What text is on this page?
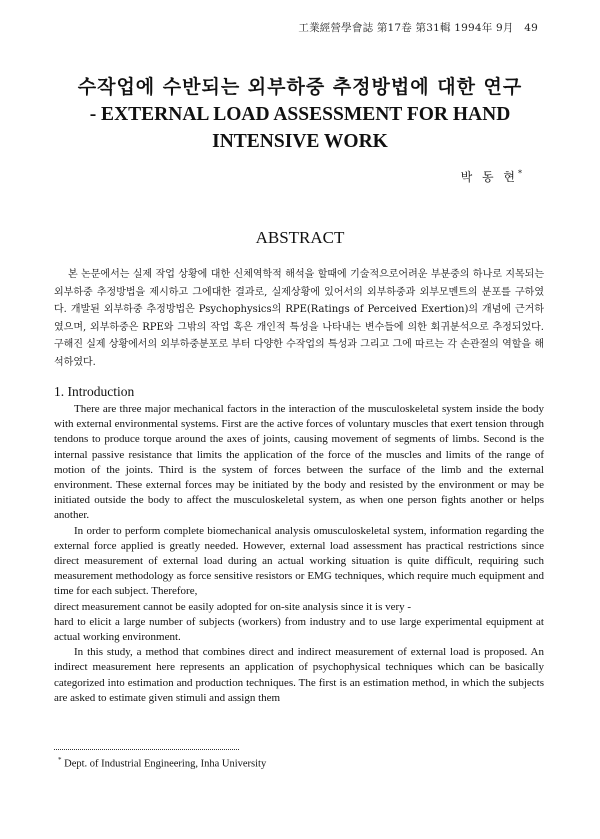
工業經營學會誌 第17卷 第31輯 1994年 9月 49
수작업에 수반되는 외부하중 추정방법에 대한 연구
- EXTERNAL LOAD ASSESSMENT FOR HAND INTENSIVE WORK
박 동 현*
ABSTRACT
본 논문에서는 실제 작업 상황에 대한 신체역학적 해석을 할때에 기술적으로어려운 부분중의 하나로 지목되는 외부하중 추정방법을 제시하고 그에대한 결과로, 실제상황에 있어서의 외부하중과 외부모멘트의 분포를 구하였다. 개발된 외부하중 추정방법은 Psychophysics의 RPE(Ratings of Perceived Exertion)의 개념에 근거하였으며, 외부하중은 RPE와 그밖의 작업 혹은 개인적 특성을 나타내는 변수들에 의한 회귀분석으로 추정되었다. 구해진 실제 상황에서의 외부하중분포로 부터 다양한 수작업의 특성과 그리고 그에 따르는 각 손관절의 역할을 해석하였다.
1. Introduction

There are three major mechanical factors in the interaction of the musculoskeletal system inside the body with external environmental systems. First are the active forces of voluntary muscles that exert tension through tendons to produce torque around the axes of joints, causing movement of segments of limbs. Second is the internal passive resistance that limits the application of the force of the muscles and limits of the range of motion of the joints. Third is the system of forces between the surface of the limb and the external environment. These external forces may be initiated by the body and resisted by the environment or may be initiated outside the body to affect the musculoskeletal system, as when one person fights another or helps another.

In order to perform complete biomechanical analysis omusculoskeletal system, information regarding the external force applied is greatly needed. However, external load assessment has practical restrictions since direct measurement of external load during an actual working situation is quite difficult, requiring such measurement methodology as force sensitive resistors or EMG techniques, which require much equipment and time for each subject. Therefore,

direct measurement cannot be easily adopted for on-site analysis since it is very -

hard to elicit a large number of subjects (workers) from industry and to use large experimental equipment at actual working environment.

In this study, a method that combines direct and indirect measurement of external load is proposed. An indirect measurement here represents an application of psychophysical techniques which can be basically categorized into estimation and production techniques. The first is an estimation method, in which the subjects are asked to estimate given stimuli and assign them

* Dept. of Industrial Engineering, Inha University
